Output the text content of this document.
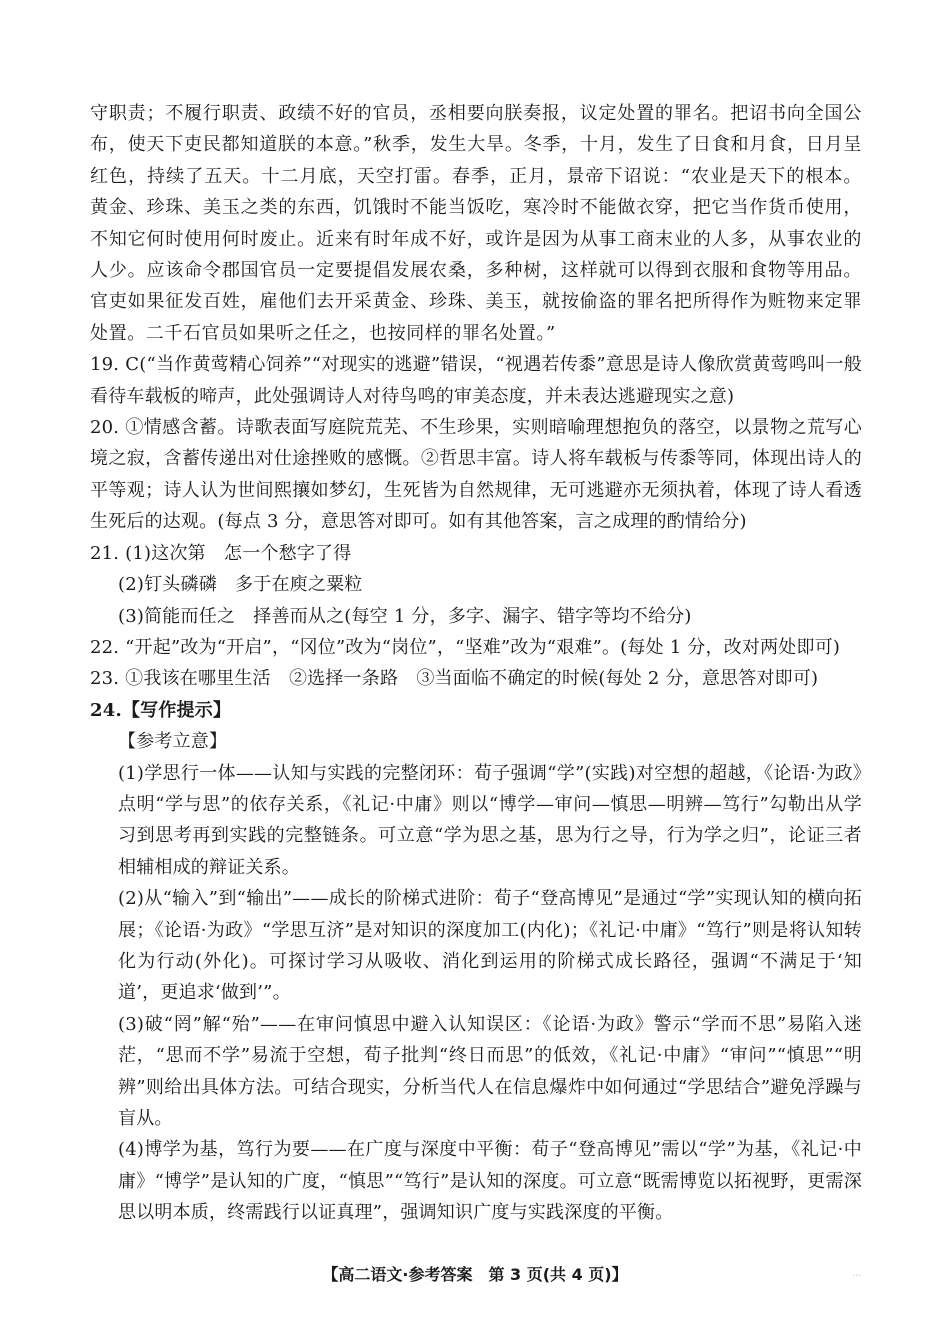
守职责；不履行职责、政绩不好的官员，丞相要向朕奏报，议定处置的罪名。把诏书向全国公布，使天下吏民都知道朕的本意。”秋季，发生大旱。冬季，十月，发生了日食和月食，日月呈红色，持续了五天。十二月底，天空打雷。春季，正月，景帝下诏说：“农业是天下的根本。黄金、珍珠、美玉之类的东西，饥饿时不能当饭吃，寒冷时不能做衣穿，把它当作货币使用，不知它何时使用何时废止。近来有时年成不好，或许是因为从事工商末业的人多，从事农业的人少。应该命令郡国官员一定要提倡发展农桑，多种树，这样就可以得到衣服和食物等用品。官吏如果征发百姓，雇他们去开采黄金、珍珠、美玉，就按偷盗的罪名把所得作为赃物来定罪处置。二千石官员如果听之任之，也按同样的罪名处置。”

19. C(“当作黄莺精心饲养”“对现实的逃避”错误，“视遇若传黍”意思是诗人像欣赏黄莺鸣叫一般看待车载板的啼声，此处强调诗人对待鸟鸣的审美态度，并未表达逃避现实之意)

20. ①情感含蓄。诗歌表面写庭院荒芜、不生珍果，实则暗喻理想抱负的落空，以景物之荒写心境之寂，含蓄传递出对仕途挫败的感慨。②哲思丰富。诗人将车载板与传黍等同，体现出诗人的平等观；诗人认为世间熙攘如梦幻，生死皆为自然规律，无可逃避亦无须执着，体现了诗人看透生死后的达观。(每点 3 分，意思答对即可。如有其他答案，言之成理的酌情给分)

21. (1)这次第　怎一个愁字了得

(2)钉头磷磷　多于在庾之粟粒

(3)简能而任之　择善而从之(每空 1 分，多字、漏字、错字等均不给分)

22. “开起”改为“开启”，“冈位”改为“岗位”，“坚难”改为“艰难”。(每处 1 分，改对两处即可)

23. ①我该在哪里生活　②选择一条路　③当面临不确定的时候(每处 2 分，意思答对即可)

24.【写作提示】

【参考立意】

(1)学思行一体——认知与实践的完整闭环：荀子强调“学”(实践)对空想的超越，《论语·为政》点明“学与思”的依存关系，《礼记·中庸》则以“博学—审问—慎思—明辨—笃行”勾勒出从学习到思考再到实践的完整链条。可立意“学为思之基，思为行之导，行为学之归”，论证三者相辅相成的辩证关系。

(2)从“输入”到“输出”——成长的阶梯式进阶：荀子“登高博见”是通过“学”实现认知的横向拓展；《论语·为政》“学思互济”是对知识的深度加工(内化)；《礼记·中庸》“笃行”则是将认知转化为行动(外化)。可探讨学习从吸收、消化到运用的阶梯式成长路径，强调“不满足于‘知道’，更追求‘做到’”。

(3)破“罔”解“殆”——在审问慎思中避入认知误区：《论语·为政》警示“学而不思”易陷入迷茫，“思而不学”易流于空想，荀子批判“终日而思”的低效，《礼记·中庸》“审问”“慎思”“明辨”则给出具体方法。可结合现实，分析当代人在信息爆炸中如何通过“学思结合”避免浮躁与盲从。

(4)博学为基，笃行为要——在广度与深度中平衡：荀子“登高博见”需以“学”为基，《礼记·中庸》“博学”是认知的广度，“慎思”“笃行”是认知的深度。可立意“既需博览以拓视野，更需深思以明本质，终需践行以证真理”，强调知识广度与实践深度的平衡。

【高二语文·参考答案　第 3 页(共 4 页)】	...
